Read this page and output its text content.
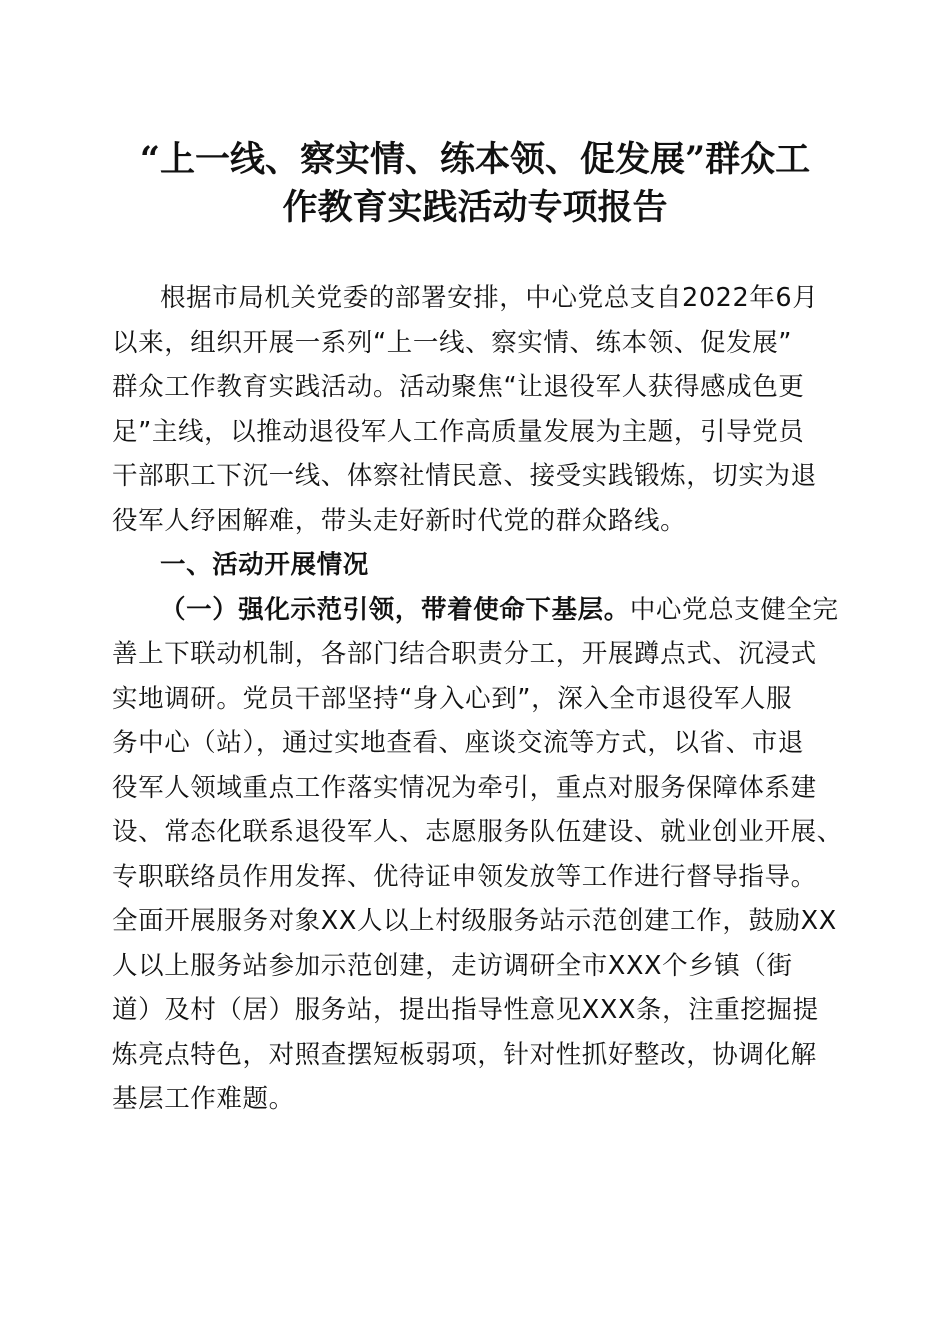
“上一线、察实情、练本领、促发展”群众工
作教育实践活动专项报告
根据市局机关党委的部署安排，中心党总支自2022年6月
以来，组织开展一系列“上一线、察实情、练本领、促发展”
群众工作教育实践活动。活动聚焦“让退役军人获得感成色更
足”主线，以推动退役军人工作高质量发展为主题，引导党员
干部职工下沉一线、体察社情民意、接受实践锻炼，切实为退
役军人纾困解难，带头走好新时代党的群众路线。
一、活动开展情况
（一）强化示范引领，带着使命下基层。中心党总支健全完
善上下联动机制，各部门结合职责分工，开展蹲点式、沉浸式
实地调研。党员干部坚持“身入心到”，深入全市退役军人服
务中心（站），通过实地查看、座谈交流等方式，以省、市退
役军人领域重点工作落实情况为牵引，重点对服务保障体系建
设、常态化联系退役军人、志愿服务队伍建设、就业创业开展、
专职联络员作用发挥、优待证申领发放等工作进行督导指导。
全面开展服务对象XX人以上村级服务站示范创建工作，鼓励XX
人以上服务站参加示范创建，走访调研全市XXX个乡镇（街
道）及村（居）服务站，提出指导性意见XXX条，注重挖掘提
炼亮点特色，对照查摆短板弱项，针对性抓好整改，协调化解
基层工作难题。
